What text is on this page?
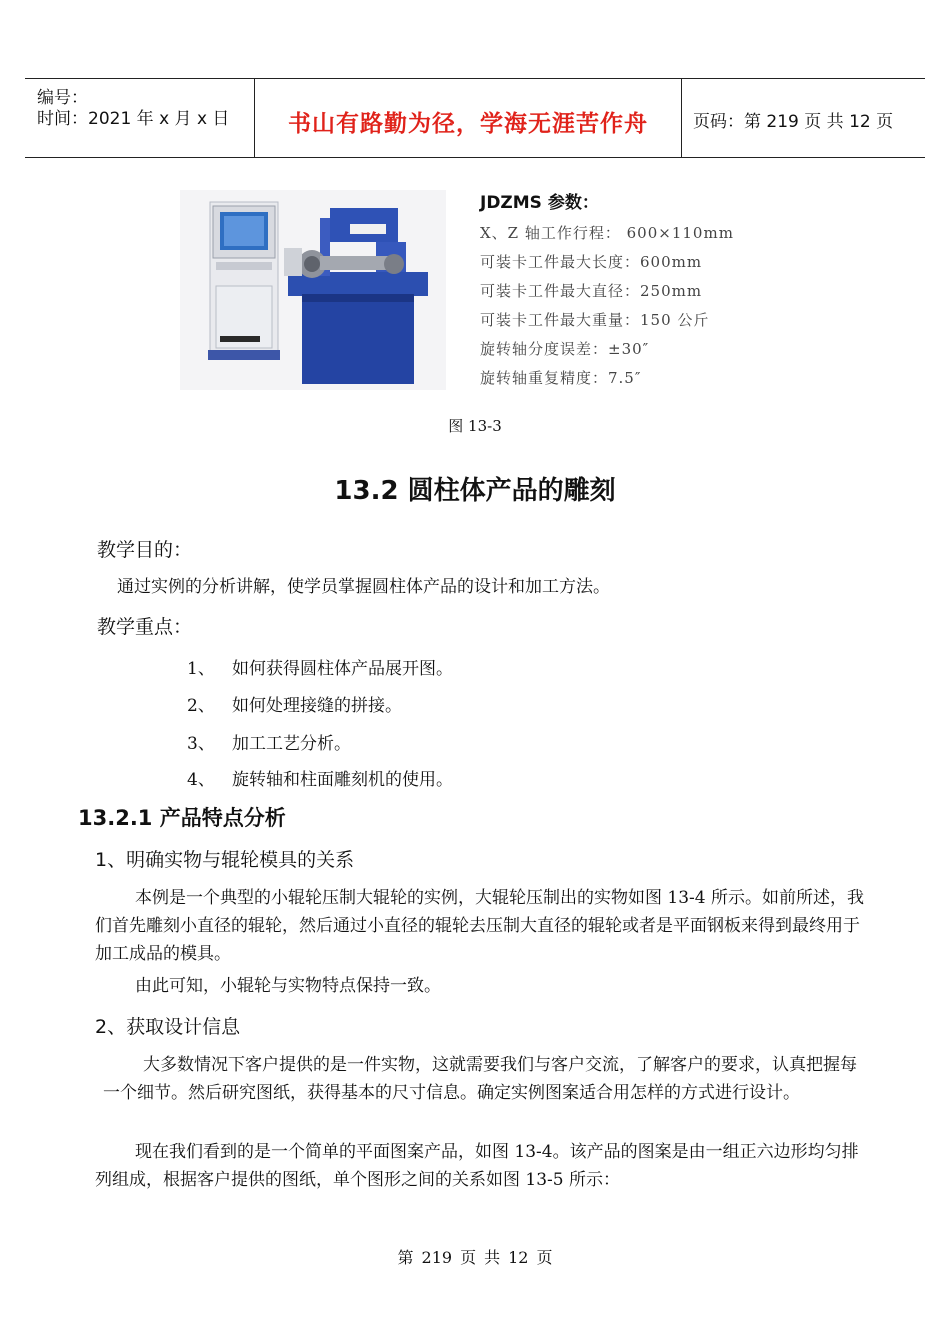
编号：
时间：2021 年 x 月 x 日	书山有路勤为径，学海无涯苦作舟	页码：第 219 页 共 12 页
JDZMS 参数：
X、Z 轴工作行程： 600×110mm
可装卡工件最大长度：600mm
可装卡工件最大直径：250mm
可装卡工件最大重量：150 公斤
旋转轴分度误差：±30″
旋转轴重复精度：7.5″
图 13-3
13.2 圆柱体产品的雕刻
教学目的：
通过实例的分析讲解，使学员掌握圆柱体产品的设计和加工方法。
教学重点：
1、 如何获得圆柱体产品展开图。
2、 如何处理接缝的拼接。
3、 加工工艺分析。
4、 旋转轴和柱面雕刻机的使用。
13.2.1 产品特点分析
1、明确实物与辊轮模具的关系
本例是一个典型的小辊轮压制大辊轮的实例，大辊轮压制出的实物如图 13-4 所示。如前所述，我们首先雕刻小直径的辊轮，然后通过小直径的辊轮去压制大直径的辊轮或者是平面钢板来得到最终用于加工成品的模具。
由此可知，小辊轮与实物特点保持一致。
2、获取设计信息
大多数情况下客户提供的是一件实物，这就需要我们与客户交流，了解客户的要求，认真把握每一个细节。然后研究图纸，获得基本的尺寸信息。确定实例图案适合用怎样的方式进行设计。
现在我们看到的是一个简单的平面图案产品，如图 13-4。该产品的图案是由一组正六边形均匀排列组成，根据客户提供的图纸，单个图形之间的关系如图 13-5 所示：
第 219 页 共 12 页
